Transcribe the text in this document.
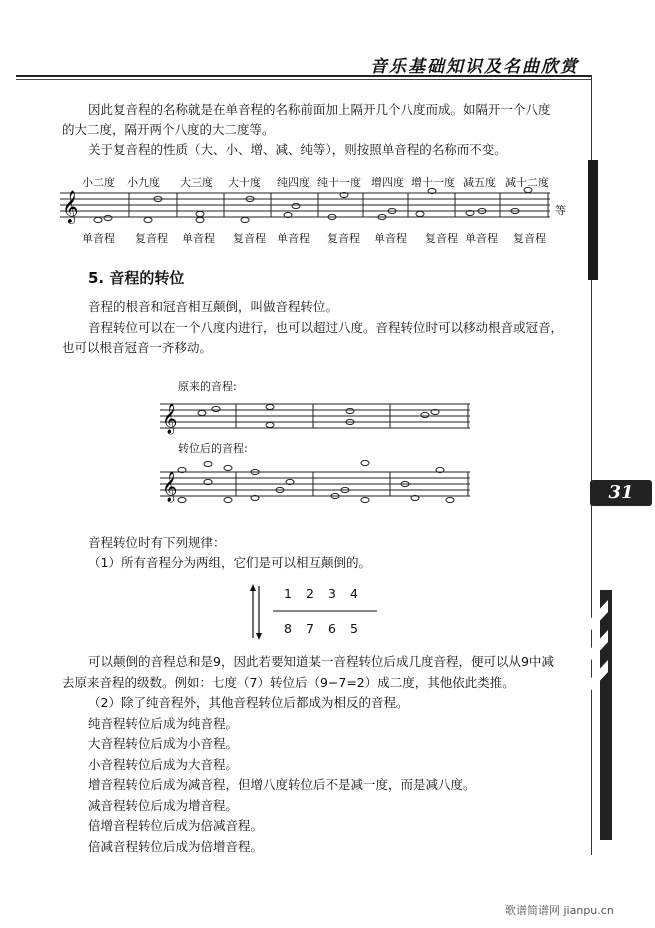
音乐基础知识及名曲欣赏
31
因此复音程的名称就是在单音程的名称前面加上隔开几个八度而成。如隔开一个八度
的大二度，隔开两个八度的大二度等。
关于复音程的性质（大、小、增、减、纯等），则按照单音程的名称而不变。
小二度 小九度 大三度 大十度 纯四度 纯十一度 增四度 增十一度 减五度 减十二度
单音程 复音程 单音程 复音程 单音程 复音程 单音程 复音程 单音程 复音程
𝄞	等
5. 音程的转位
音程的根音和冠音相互颠倒，叫做音程转位。
音程转位可以在一个八度内进行，也可以超过八度。音程转位时可以移动根音或冠音，
也可以根音冠音一齐移动。
原来的音程:
𝄞
转位后的音程:
𝄞
音程转位时有下列规律：
（1）所有音程分为两组，它们是可以相互颠倒的。
1 2 3 4
8 7 6 5
可以颠倒的音程总和是9，因此若要知道某一音程转位后成几度音程，便可以从9中减
去原来音程的级数。例如：七度（7）转位后（9−7=2）成二度，其他依此类推。
（2）除了纯音程外，其他音程转位后都成为相反的音程。
纯音程转位后成为纯音程。
大音程转位后成为小音程。
小音程转位后成为大音程。
增音程转位后成为减音程，但增八度转位后不是减一度，而是减八度。
减音程转位后成为增音程。
倍增音程转位后成为倍减音程。
倍减音程转位后成为倍增音程。
歌谱简谱网 jianpu.cn
